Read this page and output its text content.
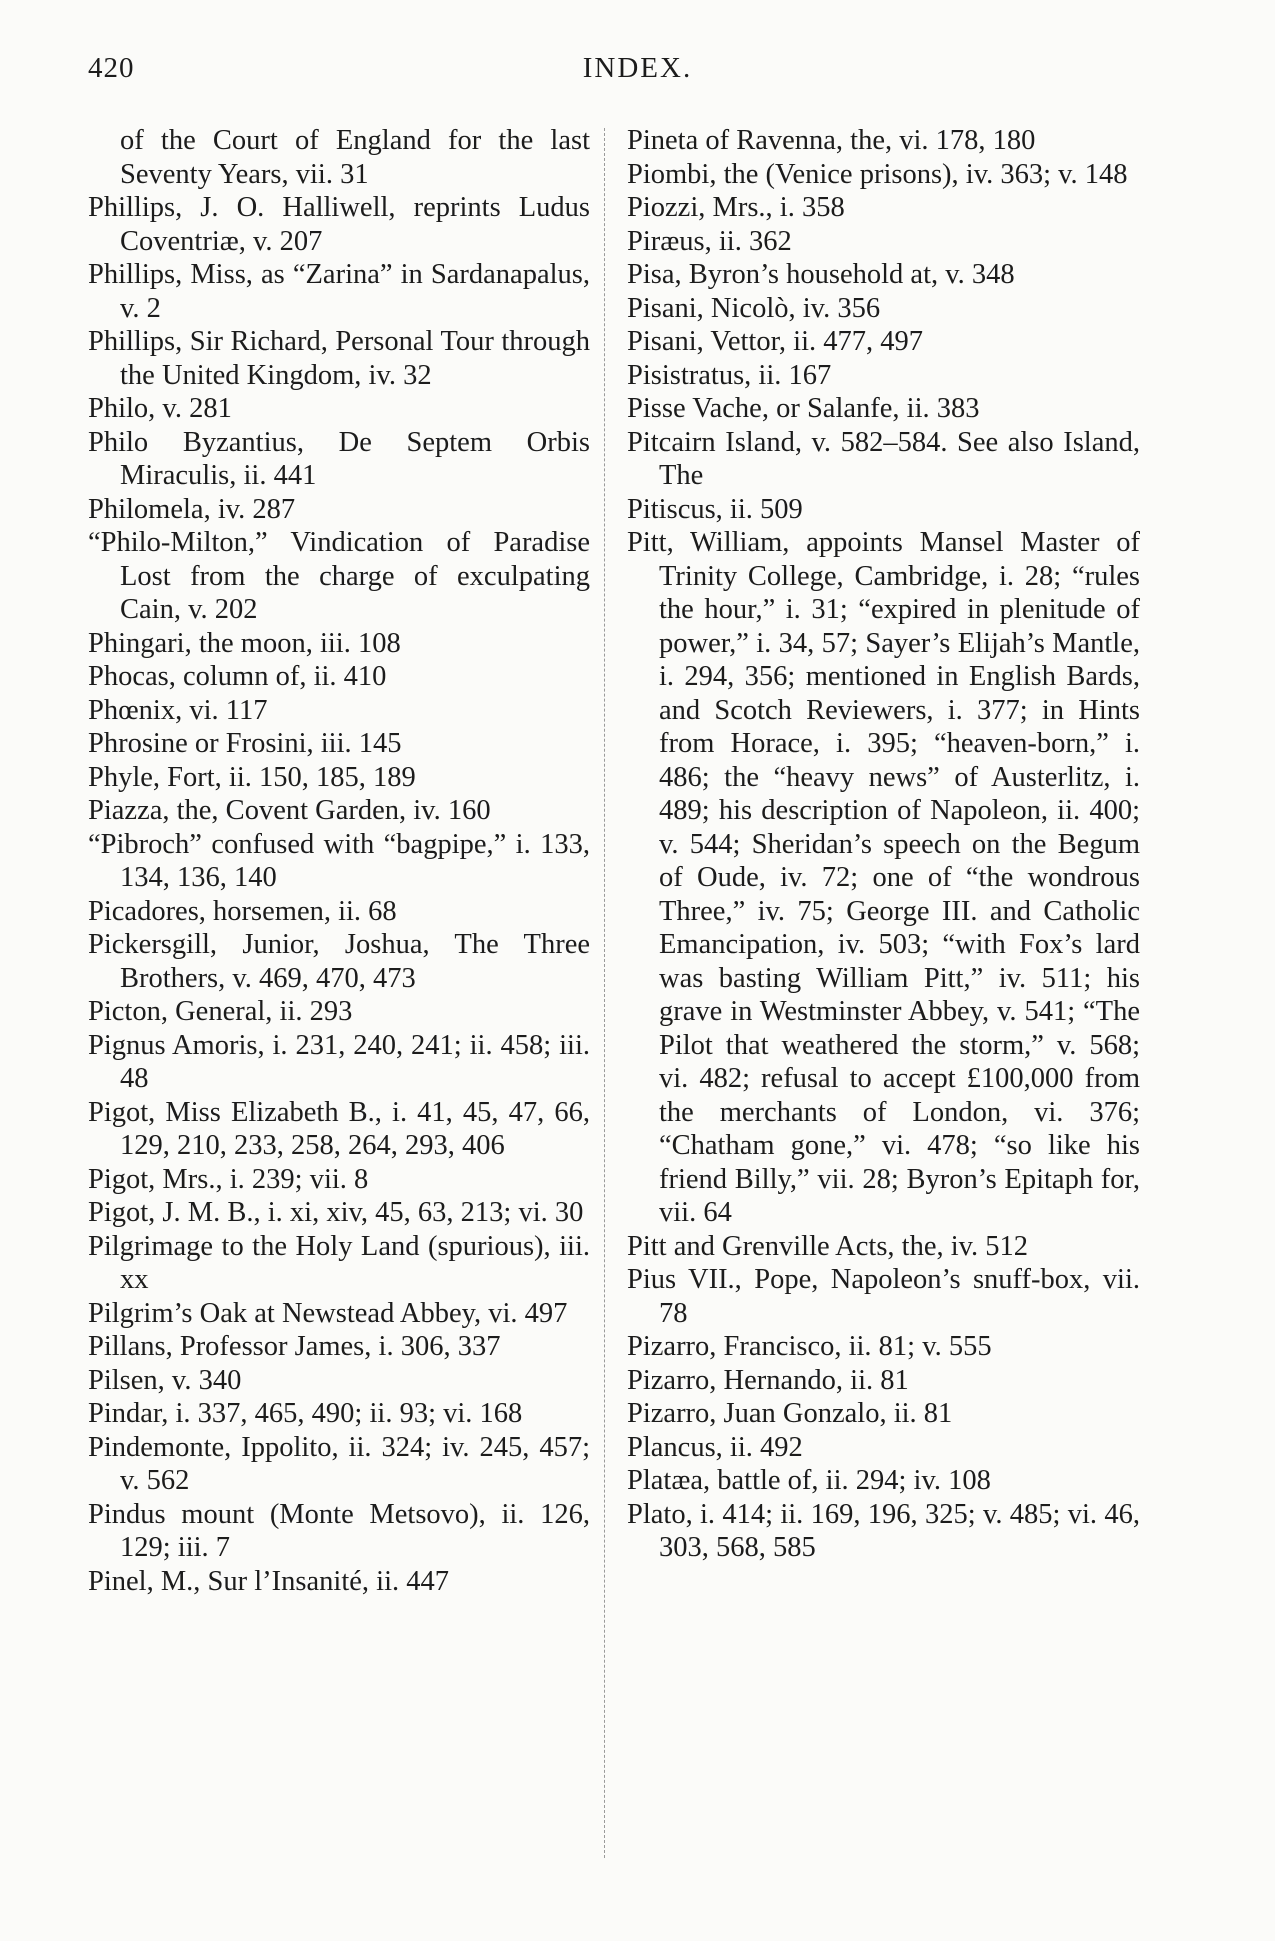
420	INDEX.

of the Court of England for the last Seventy Years, vii. 31

Phillips, J. O. Halliwell, reprints Ludus Coventriæ, v. 207

Phillips, Miss, as “Zarina” in Sardanapalus, v. 2

Phillips, Sir Richard, Personal Tour through the United Kingdom, iv. 32

Philo, v. 281

Philo Byzantius, De Septem Orbis Miraculis, ii. 441

Philomela, iv. 287

“Philo-Milton,” Vindication of Paradise Lost from the charge of exculpating Cain, v. 202

Phingari, the moon, iii. 108

Phocas, column of, ii. 410

Phœnix, vi. 117

Phrosine or Frosini, iii. 145

Phyle, Fort, ii. 150, 185, 189

Piazza, the, Covent Garden, iv. 160

“Pibroch” confused with “bagpipe,” i. 133, 134, 136, 140

Picadores, horsemen, ii. 68

Pickersgill, Junior, Joshua, The Three Brothers, v. 469, 470, 473

Picton, General, ii. 293

Pignus Amoris, i. 231, 240, 241; ii. 458; iii. 48

Pigot, Miss Elizabeth B., i. 41, 45, 47, 66, 129, 210, 233, 258, 264, 293, 406

Pigot, Mrs., i. 239; vii. 8

Pigot, J. M. B., i. xi, xiv, 45, 63, 213; vi. 30

Pilgrimage to the Holy Land (spurious), iii. xx

Pilgrim’s Oak at Newstead Abbey, vi. 497

Pillans, Professor James, i. 306, 337

Pilsen, v. 340

Pindar, i. 337, 465, 490; ii. 93; vi. 168

Pindemonte, Ippolito, ii. 324; iv. 245, 457; v. 562

Pindus mount (Monte Metsovo), ii. 126, 129; iii. 7

Pinel, M., Sur l’Insanité, ii. 447

Pineta of Ravenna, the, vi. 178, 180

Piombi, the (Venice prisons), iv. 363; v. 148

Piozzi, Mrs., i. 358

Piræus, ii. 362

Pisa, Byron’s household at, v. 348

Pisani, Nicolò, iv. 356

Pisani, Vettor, ii. 477, 497

Pisistratus, ii. 167

Pisse Vache, or Salanfe, ii. 383

Pitcairn Island, v. 582–584. See also Island, The

Pitiscus, ii. 509

Pitt, William, appoints Mansel Master of Trinity College, Cambridge, i. 28; “rules the hour,” i. 31; “expired in plenitude of power,” i. 34, 57; Sayer’s Elijah’s Mantle, i. 294, 356; mentioned in English Bards, and Scotch Reviewers, i. 377; in Hints from Horace, i. 395; “heaven-born,” i. 486; the “heavy news” of Austerlitz, i. 489; his description of Napoleon, ii. 400; v. 544; Sheridan’s speech on the Begum of Oude, iv. 72; one of “the wondrous Three,” iv. 75; George III. and Catholic Emancipation, iv. 503; “with Fox’s lard was basting William Pitt,” iv. 511; his grave in Westminster Abbey, v. 541; “The Pilot that weathered the storm,” v. 568; vi. 482; refusal to accept £100,000 from the merchants of London, vi. 376; “Chatham gone,” vi. 478; “so like his friend Billy,” vii. 28; Byron’s Epitaph for, vii. 64

Pitt and Grenville Acts, the, iv. 512

Pius VII., Pope, Napoleon’s snuff-box, vii. 78

Pizarro, Francisco, ii. 81; v. 555

Pizarro, Hernando, ii. 81

Pizarro, Juan Gonzalo, ii. 81

Plancus, ii. 492

Platæa, battle of, ii. 294; iv. 108

Plato, i. 414; ii. 169, 196, 325; v. 485; vi. 46, 303, 568, 585
